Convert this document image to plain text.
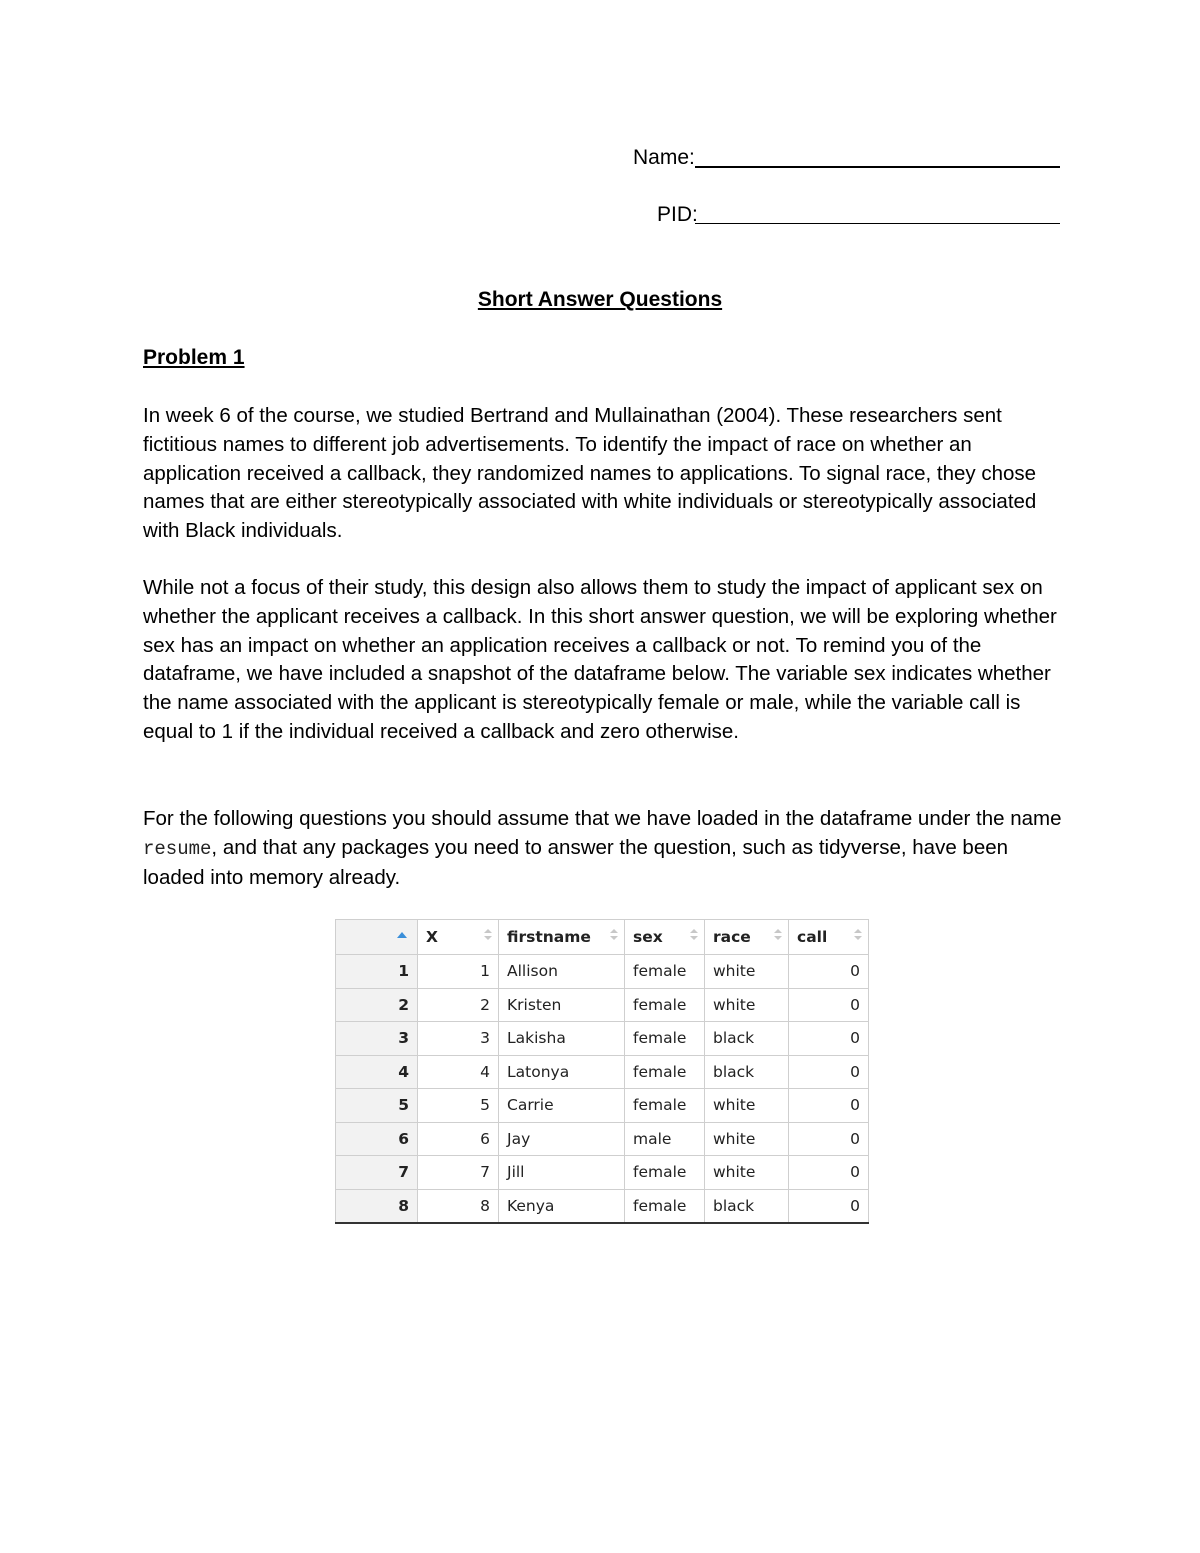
Name:
PID:
Short Answer Questions
Problem 1

In week 6 of the course, we studied Bertrand and Mullainathan (2004). These researchers sent fictitious names to different job advertisements. To identify the impact of race on whether an application received a callback, they randomized names to applications. To signal race, they chose names that are either stereotypically associated with white individuals or stereotypically associated with Black individuals.

While not a focus of their study, this design also allows them to study the impact of applicant sex on whether the applicant receives a callback. In this short answer question, we will be exploring whether sex has an impact on whether an application receives a callback or not. To remind you of the dataframe, we have included a snapshot of the dataframe below. The variable sex indicates whether the name associated with the applicant is stereotypically female or male, while the variable call is equal to 1 if the individual received a callback and zero otherwise.

For the following questions you should assume that we have loaded in the dataframe under the name resume, and that any packages you need to answer the question, such as tidyverse, have been loaded into memory already.

	X	firstname	sex	race	call

1	1	Allison	female	white	0
2	2	Kristen	female	white	0
3	3	Lakisha	female	black	0
4	4	Latonya	female	black	0
5	5	Carrie	female	white	0
6	6	Jay	male	white	0
7	7	Jill	female	white	0
8	8	Kenya	female	black	0
